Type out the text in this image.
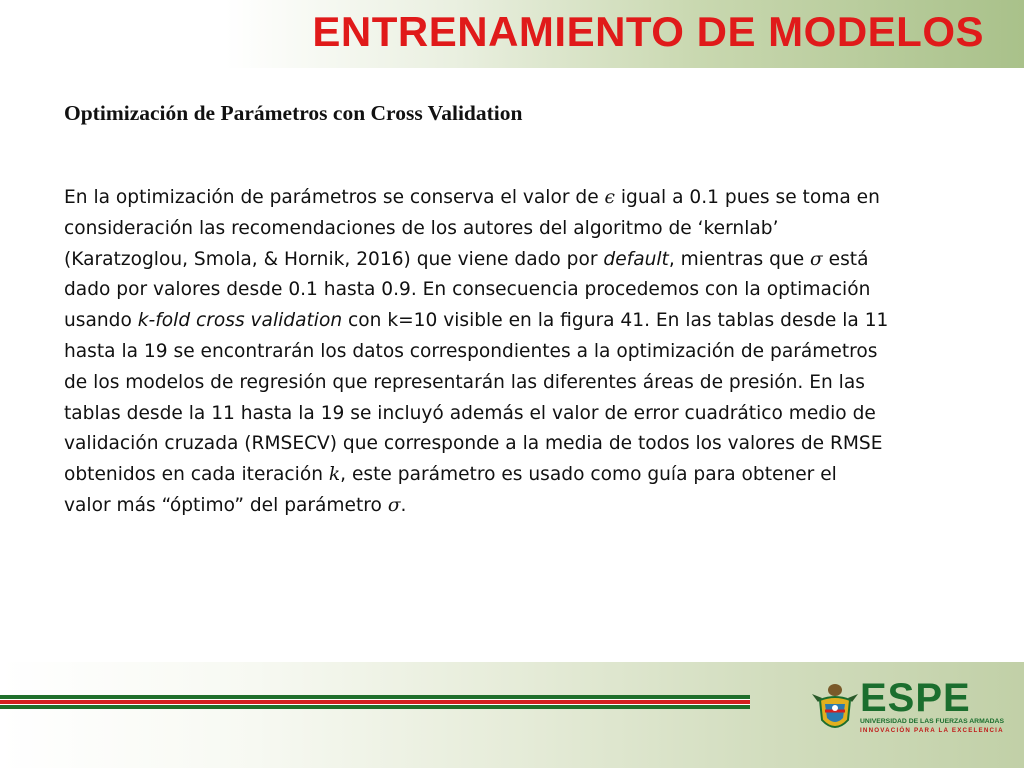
ENTRENAMIENTO DE MODELOS
Optimización de Parámetros con Cross Validation
En la optimización de parámetros se conserva el valor de ϵ igual a 0.1 pues se toma en
consideración las recomendaciones de los autores del algoritmo de ‘kernlab’
(Karatzoglou, Smola, & Hornik, 2016) que viene dado por default, mientras que σ está
dado por valores desde 0.1 hasta 0.9. En consecuencia procedemos con la optimación
usando k-fold cross validation con k=10 visible en la figura 41. En las tablas desde la 11
hasta la 19 se encontrarán los datos correspondientes a la optimización de parámetros
de los modelos de regresión que representarán las diferentes áreas de presión. En las
tablas desde la 11 hasta la 19 se incluyó además el valor de error cuadrático medio de
validación cruzada (RMSECV) que corresponde a la media de todos los valores de RMSE
obtenidos en cada iteración k, este parámetro es usado como guía para obtener el
valor más “óptimo” del parámetro σ.
ESPE
UNIVERSIDAD DE LAS FUERZAS ARMADAS
INNOVACIÓN PARA LA EXCELENCIA
